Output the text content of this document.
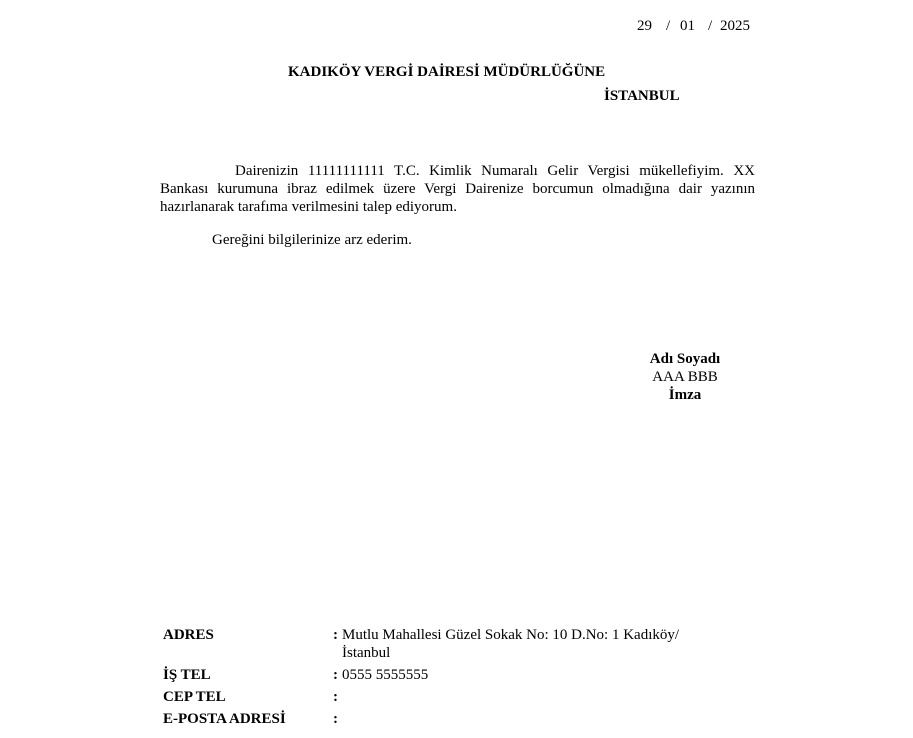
29 / 01 / 2025
KADIKÖY VERGİ DAİRESİ MÜDÜRLÜĞÜNE
İSTANBUL

Dairenizin 11111111111 T.C. Kimlik Numaralı Gelir Vergisi mükellefiyim. XX Bankası kurumuna ibraz edilmek üzere Vergi Dairenize borcumun olmadığına dair yazının hazırlanarak tarafıma verilmesini talep ediyorum.

Gereğini bilgilerinize arz ederim.
Adı Soyadı
AAA BBB
İmza
ADRES	: Mutlu Mahallesi Güzel Sokak No: 10 D.No: 1 Kadıköy/
İstanbul
İŞ TEL	: 0555 5555555
CEP TEL	:
E-POSTA ADRESİ	:
